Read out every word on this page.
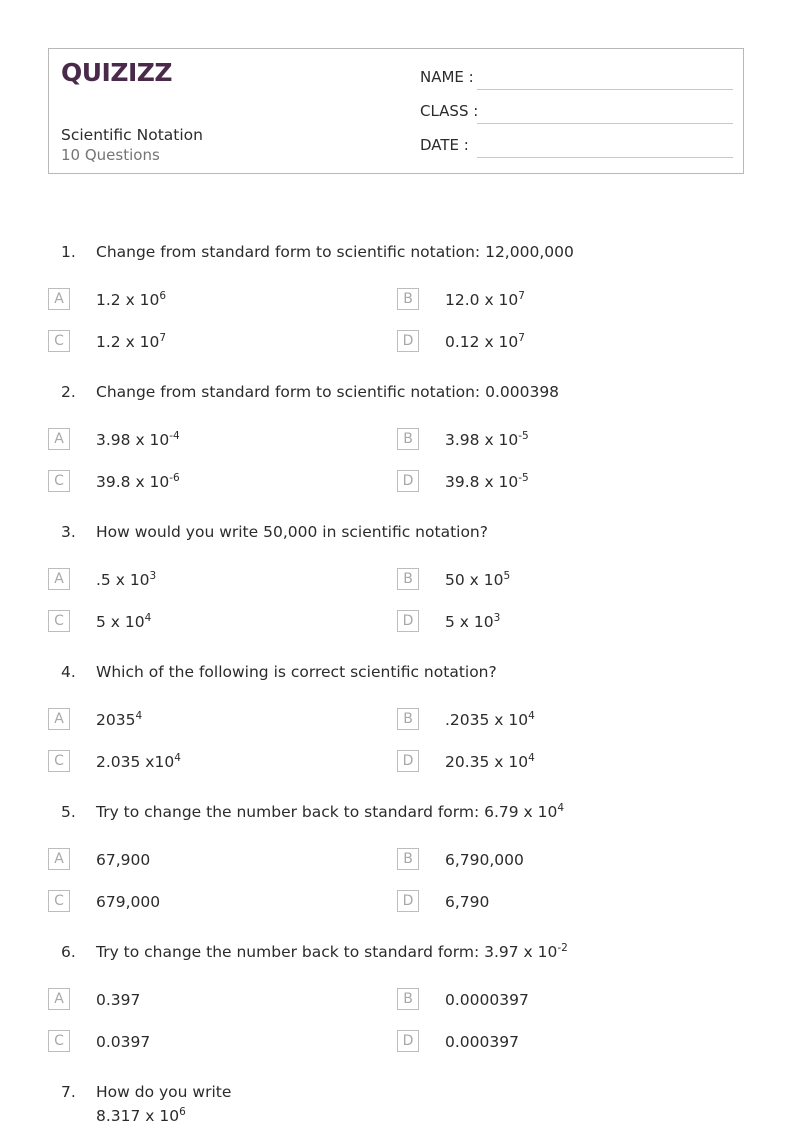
QUIZIZZ
Scientific Notation
10 Questions
NAME :
CLASS :
DATE :
1. Change from standard form to scientific notation: 12,000,000
A	1.2 x $10^6$	B	12.0 x $10^7$
C	1.2 x $10^7$	D	0.12 x $10^7$
2. Change from standard form to scientific notation: 0.000398
A	3.98 x $10^{-4}$	B	3.98 x $10^{-5}$
C	39.8 x $10^{-6}$	D	39.8 x $10^{-5}$
3. How would you write 50,000 in scientific notation?
A	.5 x $10^3$	B	50 x $10^5$
C	5 x $10^4$	D	5 x $10^3$
4. Which of the following is correct scientific notation?
A	2035$^4$	B	.2035 x $10^4$
C	2.035 $x10^4$	D	20.35 x $10^4$
5. Try to change the number back to standard form: 6.79 x $10^4$
A	67,900	B	6,790,000
C	679,000	D	6,790
6. Try to change the number back to standard form: 3.97 x $10^{-2}$
A	0.397	B	0.0000397
C	0.0397	D	0.000397
7. How do you write
8.317 x $10^6$
